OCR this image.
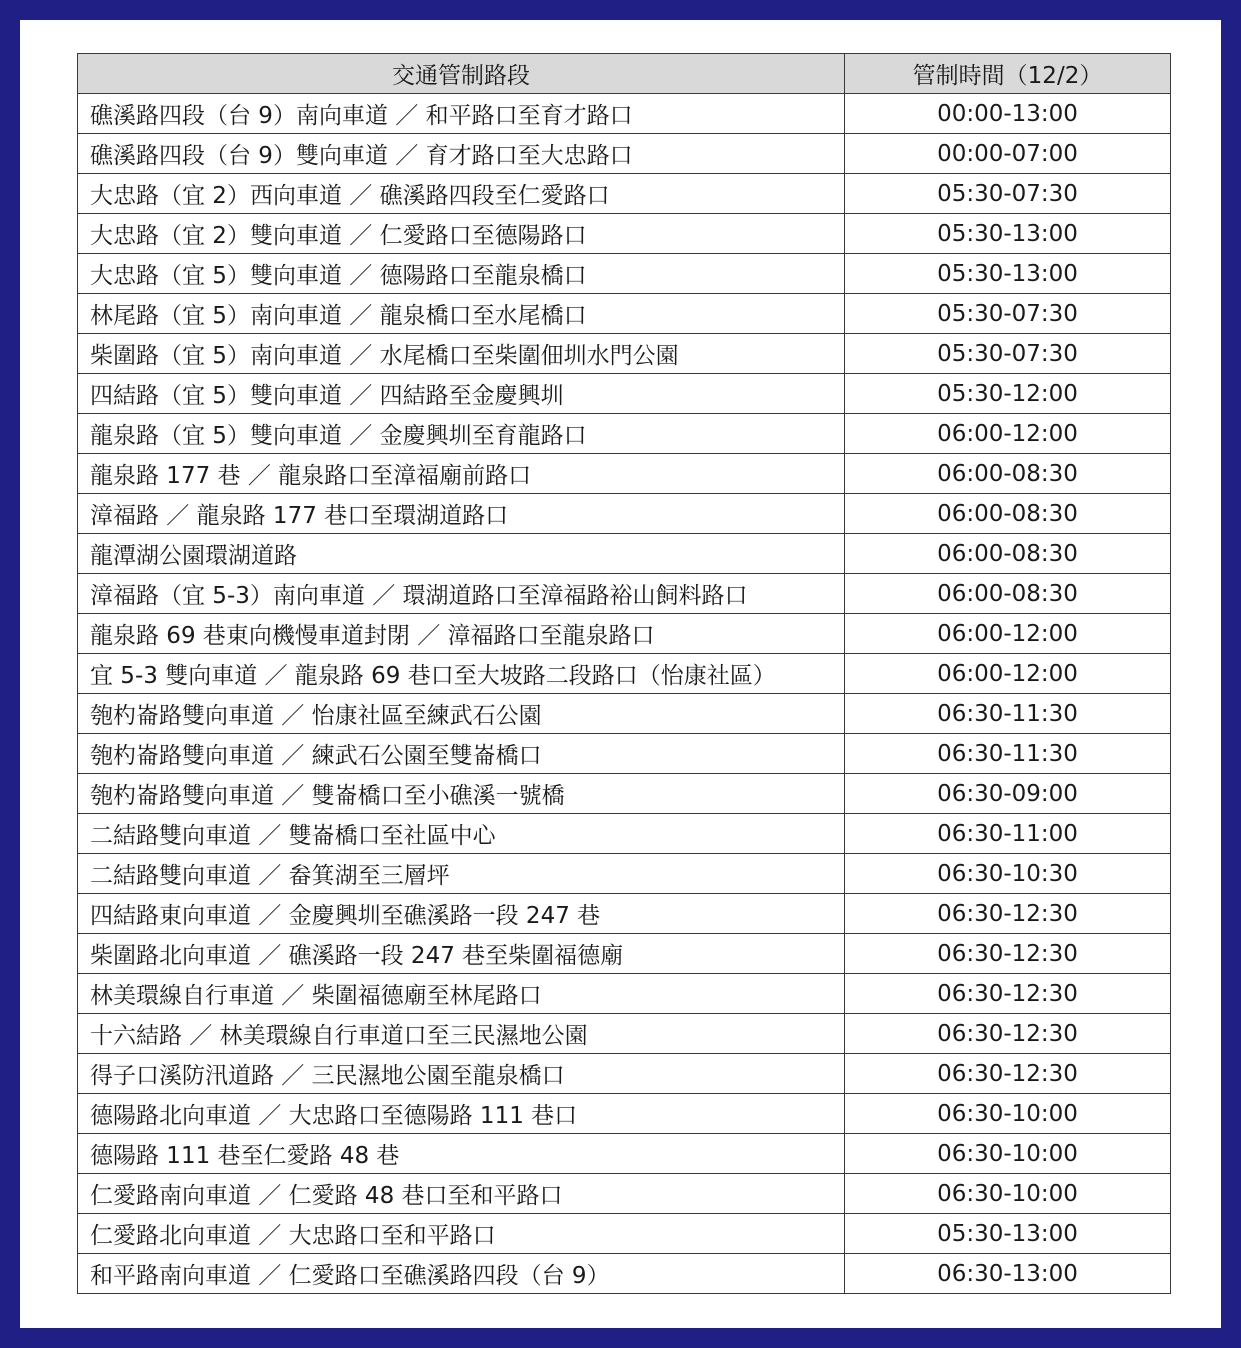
交通管制路段	管制時間（12/2）
礁溪路四段（台 9）南向車道 ／ 和平路口至育才路口	00:00-13:00
礁溪路四段（台 9）雙向車道 ／ 育才路口至大忠路口	00:00-07:00
大忠路（宜 2）西向車道 ／ 礁溪路四段至仁愛路口	05:30-07:30
大忠路（宜 2）雙向車道 ／ 仁愛路口至德陽路口	05:30-13:00
大忠路（宜 5）雙向車道 ／ 德陽路口至龍泉橋口	05:30-13:00
林尾路（宜 5）南向車道 ／ 龍泉橋口至水尾橋口	05:30-07:30
柴圍路（宜 5）南向車道 ／ 水尾橋口至柴圍佃圳水門公園	05:30-07:30
四結路（宜 5）雙向車道 ／ 四結路至金慶興圳	05:30-12:00
龍泉路（宜 5）雙向車道 ／ 金慶興圳至育龍路口	06:00-12:00
龍泉路 177 巷 ／ 龍泉路口至漳福廟前路口	06:00-08:30
漳福路 ／ 龍泉路 177 巷口至環湖道路口	06:00-08:30
龍潭湖公園環湖道路	06:00-08:30
漳福路（宜 5-3）南向車道 ／ 環湖道路口至漳福路裕山飼料路口	06:00-08:30
龍泉路 69 巷東向機慢車道封閉 ／ 漳福路口至龍泉路口	06:00-12:00
宜 5-3 雙向車道 ／ 龍泉路 69 巷口至大坡路二段路口（怡康社區）	06:00-12:00
匏杓崙路雙向車道 ／ 怡康社區至練武石公園	06:30-11:30
匏杓崙路雙向車道 ／ 練武石公園至雙崙橋口	06:30-11:30
匏杓崙路雙向車道 ／ 雙崙橋口至小礁溪一號橋	06:30-09:00
二結路雙向車道 ／ 雙崙橋口至社區中心	06:30-11:00
二結路雙向車道 ／ 畚箕湖至三層坪	06:30-10:30
四結路東向車道 ／ 金慶興圳至礁溪路一段 247 巷	06:30-12:30
柴圍路北向車道 ／ 礁溪路一段 247 巷至柴圍福德廟	06:30-12:30
林美環線自行車道 ／ 柴圍福德廟至林尾路口	06:30-12:30
十六結路 ／ 林美環線自行車道口至三民濕地公園	06:30-12:30
得子口溪防汛道路 ／ 三民濕地公園至龍泉橋口	06:30-12:30
德陽路北向車道 ／ 大忠路口至德陽路 111 巷口	06:30-10:00
德陽路 111 巷至仁愛路 48 巷	06:30-10:00
仁愛路南向車道 ／ 仁愛路 48 巷口至和平路口	06:30-10:00
仁愛路北向車道 ／ 大忠路口至和平路口	05:30-13:00
和平路南向車道 ／ 仁愛路口至礁溪路四段（台 9）	06:30-13:00
